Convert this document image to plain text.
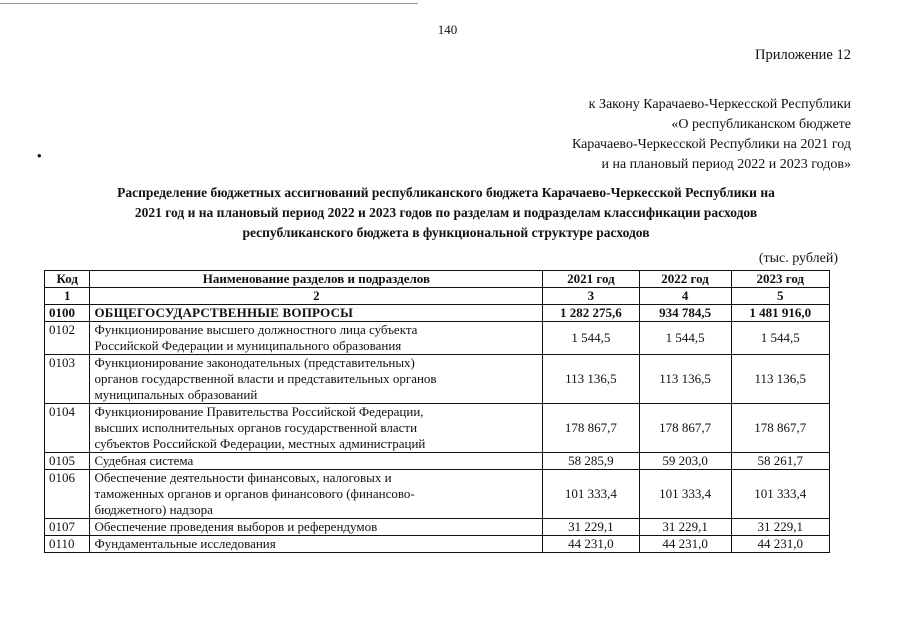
140
Приложение 12
к Закону Карачаево-Черкесской Республики
«О республиканском бюджете
Карачаево-Черкесской Республики на 2021 год
и на плановый период 2022 и 2023 годов»
•
Распределение бюджетных ассигнований республиканского бюджета Карачаево-Черкесской Республики на
2021 год и на плановый период 2022 и 2023 годов по разделам и подразделам классификации расходов
республиканского бюджета в функциональной структуре расходов
(тыс. рублей)
Код	Наименование разделов и подразделов	2021 год	2022 год	2023 год
1	2	3	4	5
0100	ОБЩЕГОСУДАРСТВЕННЫЕ ВОПРОСЫ	1 282 275,6	934 784,5	1 481 916,0
0102	Функционирование высшего должностного лица субъекта
Российской Федерации и муниципального образования	1 544,5	1 544,5	1 544,5
0103	Функционирование законодательных (представительных)
органов государственной власти и представительных органов
муниципальных образований	113 136,5	113 136,5	113 136,5
0104	Функционирование Правительства Российской Федерации,
высших исполнительных органов государственной власти
субъектов Российской Федерации, местных администраций	178 867,7	178 867,7	178 867,7
0105	Судебная система	58 285,9	59 203,0	58 261,7
0106	Обеспечение деятельности финансовых, налоговых и
таможенных органов и органов финансового (финансово-
бюджетного) надзора	101 333,4	101 333,4	101 333,4
0107	Обеспечение проведения выборов и референдумов	31 229,1	31 229,1	31 229,1
0110	Фундаментальные исследования	44 231,0	44 231,0	44 231,0
